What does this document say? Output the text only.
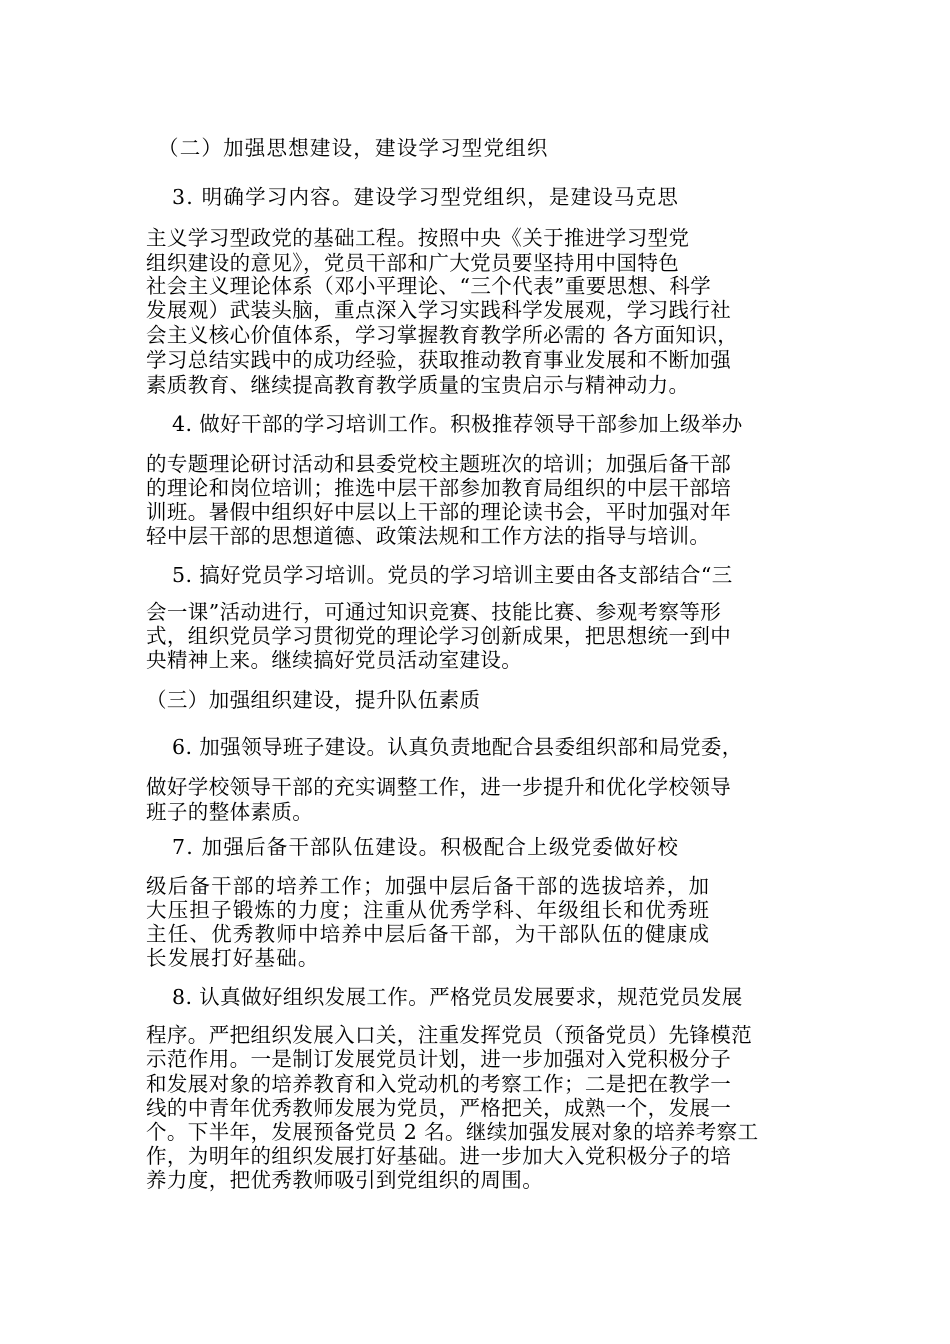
（二）加强思想建设，建设学习型党组织
3. 明确学习内容。建设学习型党组织，是建设马克思
主义学习型政党的基础工程。按照中央《关于推进学习型党
组织建设的意见》，党员干部和广大党员要坚持用中国特色
社会主义理论体系（邓小平理论、“三个代表”重要思想、科学
发展观）武装头脑，重点深入学习实践科学发展观，学习践行社
会主义核心价值体系，学习掌握教育教学所必需的 各方面知识，
学习总结实践中的成功经验，获取推动教育事业发展和不断加强
素质教育、继续提高教育教学质量的宝贵启示与精神动力。
4. 做好干部的学习培训工作。积极推荐领导干部参加上级举办
的专题理论研讨活动和县委党校主题班次的培训；加强后备干部
的理论和岗位培训；推选中层干部参加教育局组织的中层干部培
训班。暑假中组织好中层以上干部的理论读书会，平时加强对年
轻中层干部的思想道德、政策法规和工作方法的指导与培训。
5. 搞好党员学习培训。党员的学习培训主要由各支部结合“三
会一课”活动进行，可通过知识竞赛、技能比赛、参观考察等形
式，组织党员学习贯彻党的理论学习创新成果，把思想统一到中
央精神上来。继续搞好党员活动室建设。
（三）加强组织建设，提升队伍素质
6. 加强领导班子建设。认真负责地配合县委组织部和局党委，
做好学校领导干部的充实调整工作，进一步提升和优化学校领导
班子的整体素质。
7. 加强后备干部队伍建设。积极配合上级党委做好校
级后备干部的培养工作；加强中层后备干部的选拔培养，加
大压担子锻炼的力度；注重从优秀学科、年级组长和优秀班
主任、优秀教师中培养中层后备干部，为干部队伍的健康成
长发展打好基础。
8. 认真做好组织发展工作。严格党员发展要求，规范党员发展
程序。严把组织发展入口关，注重发挥党员（预备党员）先锋模范
示范作用。一是制订发展党员计划，进一步加强对入党积极分子
和发展对象的培养教育和入党动机的考察工作；二是把在教学一
线的中青年优秀教师发展为党员，严格把关，成熟一个，发展一
个。下半年，发展预备党员 2 名。继续加强发展对象的培养考察工
作，为明年的组织发展打好基础。进一步加大入党积极分子的培
养力度，把优秀教师吸引到党组织的周围。
